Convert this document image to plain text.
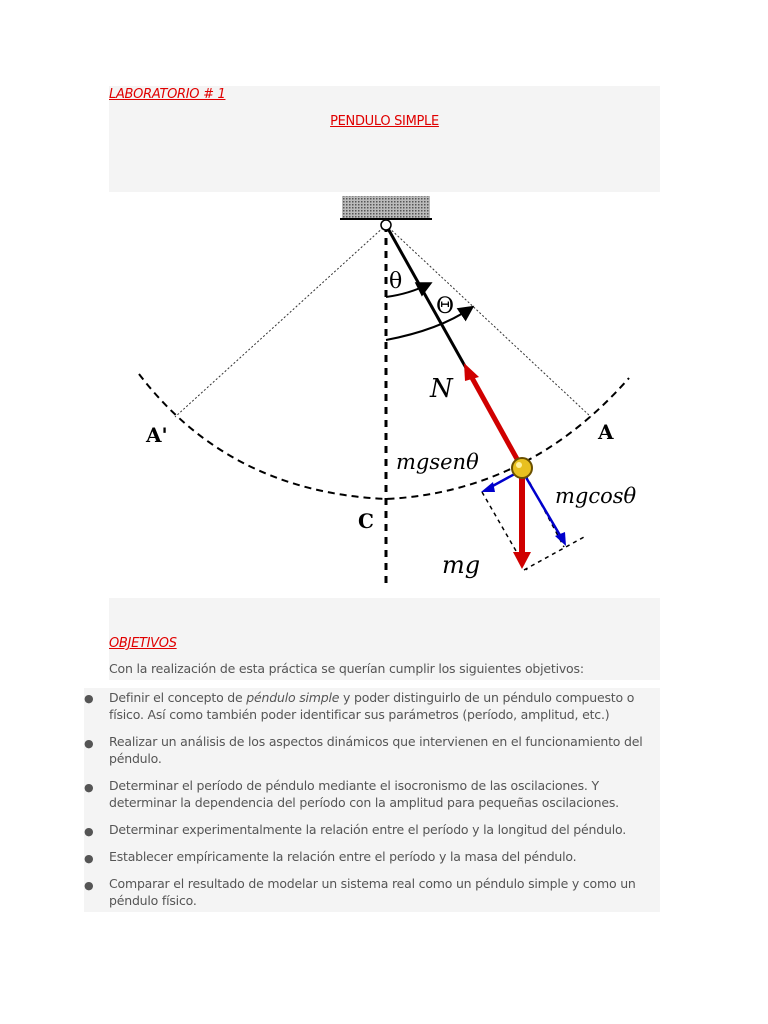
LABORATORIO # 1
PENDULO SIMPLE
θ
Θ
N
A'	A
C
mgsenθ
mgcosθ
mg
OBJETIVOS
Con la realización de esta práctica se querían cumplir los siguientes objetivos:
● Definir el concepto de péndulo simple y poder distinguirlo de un péndulo compuesto o físico. Así como también poder identificar sus parámetros (período, amplitud, etc.)
● Realizar un análisis de los aspectos dinámicos que intervienen en el funcionamiento del péndulo.
● Determinar el período de péndulo mediante el isocronismo de las oscilaciones. Y determinar la dependencia del período con la amplitud para pequeñas oscilaciones.
● Determinar experimentalmente la relación entre el período y la longitud del péndulo.
● Establecer empíricamente la relación entre el período y la masa del péndulo.
● Comparar el resultado de modelar un sistema real como un péndulo simple y como un péndulo físico.
